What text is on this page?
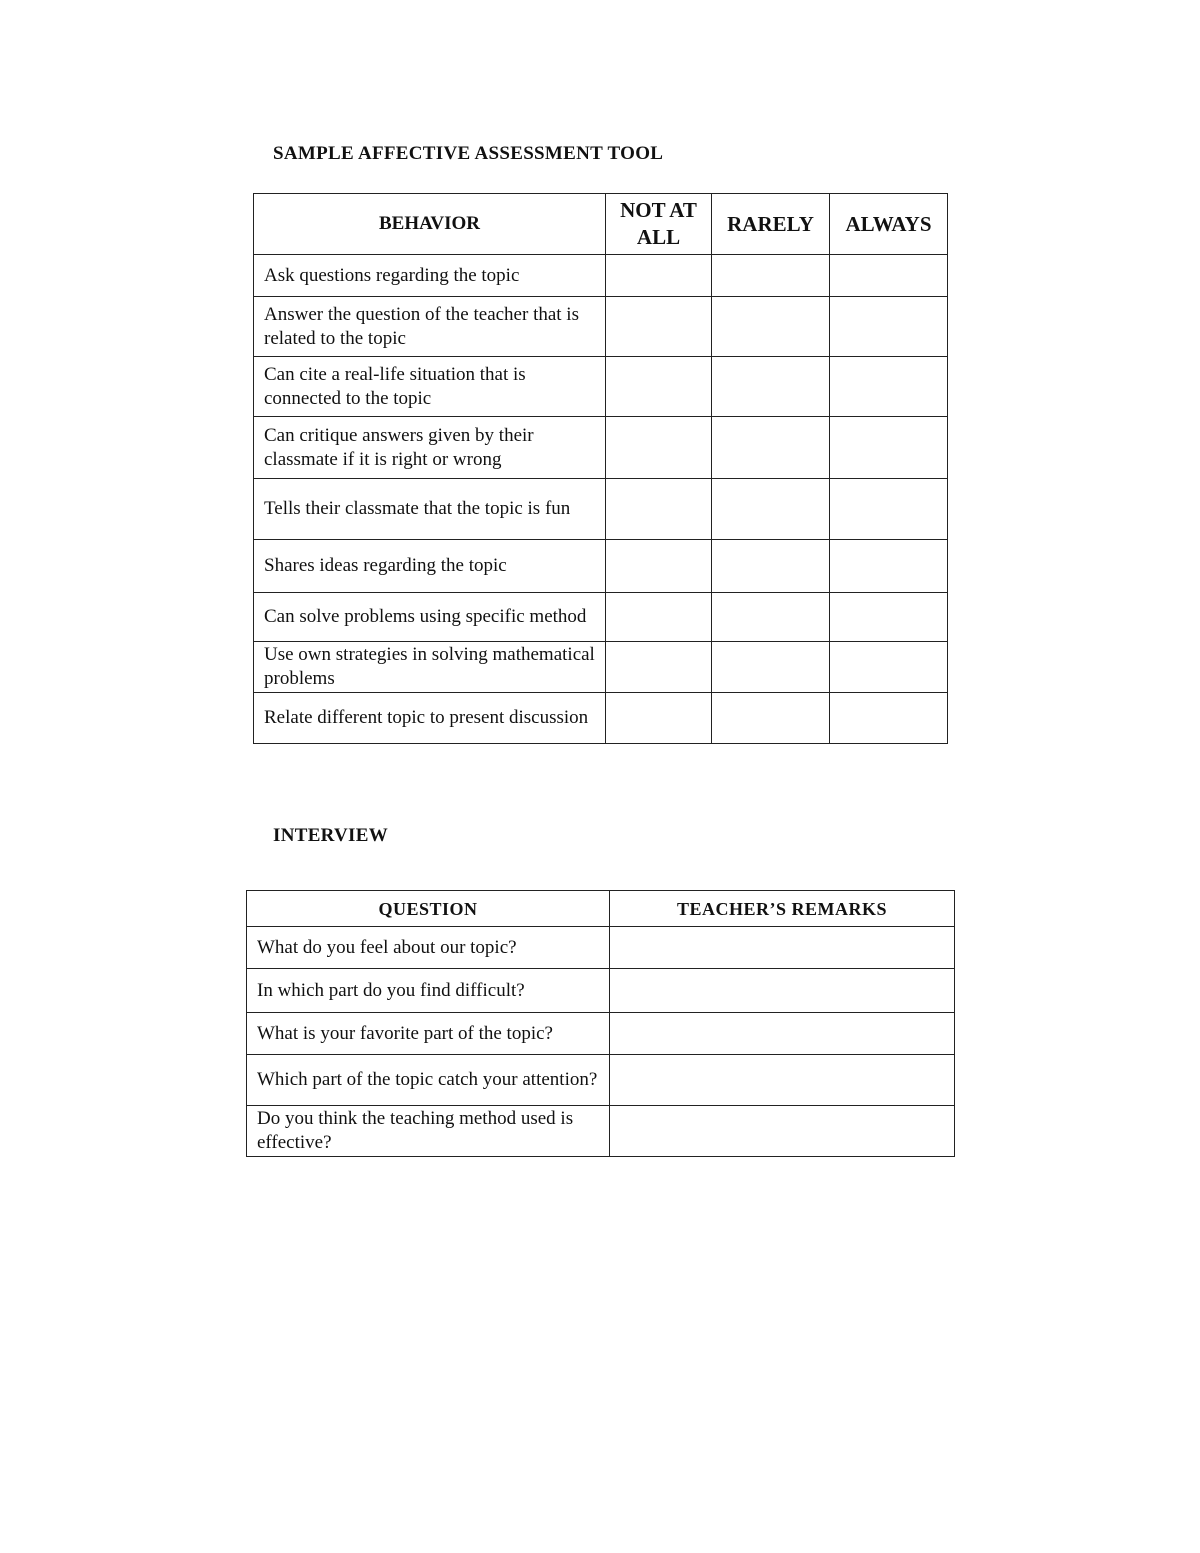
SAMPLE AFFECTIVE ASSESSMENT TOOL
BEHAVIOR	NOT AT ALL	RARELY	ALWAYS
Ask questions regarding the topic			
Answer the question of the teacher that is related to the topic			
Can cite a real-life situation that is connected to the topic			
Can critique answers given by their classmate if it is right or wrong			
Tells their classmate that the topic is fun			
Shares ideas regarding the topic			
Can solve problems using specific method			
Use own strategies in solving mathematical problems			
Relate different topic to present discussion			
INTERVIEW
QUESTION	TEACHER’S REMARKS
What do you feel about our topic?	
In which part do you find difficult?	
What is your favorite part of the topic?	
Which part of the topic catch your attention?	
Do you think the teaching method used is effective?	
